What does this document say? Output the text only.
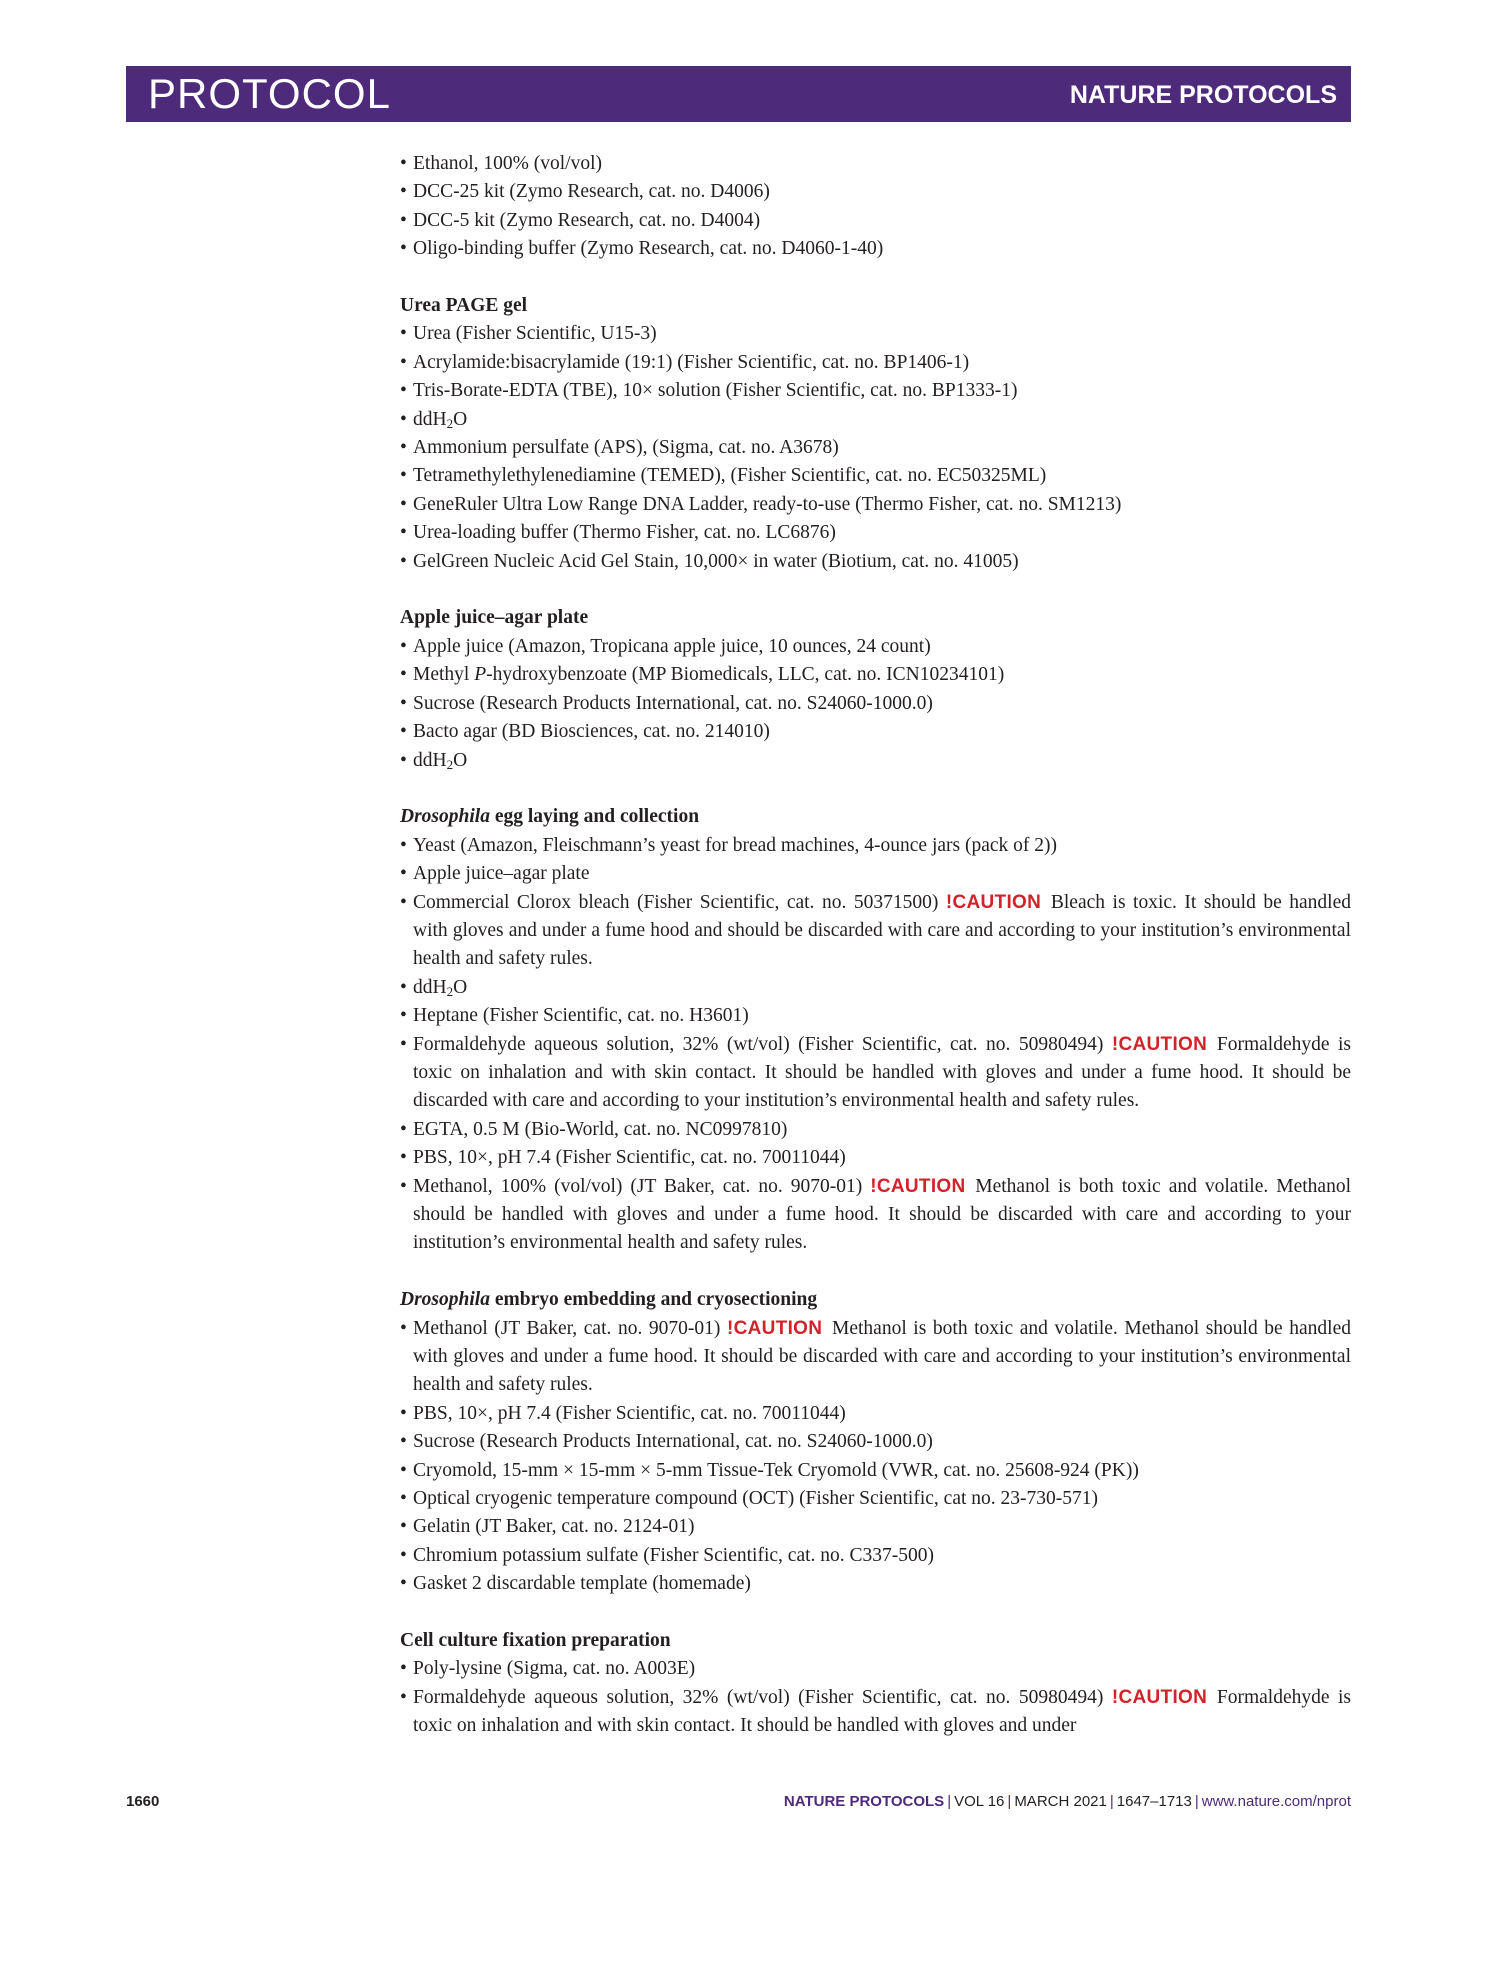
PROTOCOL	NATURE PROTOCOLS
• Ethanol, 100% (vol/vol)
• DCC-25 kit (Zymo Research, cat. no. D4006)
• DCC-5 kit (Zymo Research, cat. no. D4004)
• Oligo-binding buffer (Zymo Research, cat. no. D4060-1-40)
Urea PAGE gel
• Urea (Fisher Scientific, U15-3)
• Acrylamide:bisacrylamide (19:1) (Fisher Scientific, cat. no. BP1406-1)
• Tris-Borate-EDTA (TBE), 10× solution (Fisher Scientific, cat. no. BP1333-1)
• ddH$_2$O
• Ammonium persulfate (APS), (Sigma, cat. no. A3678)
• Tetramethylethylenediamine (TEMED), (Fisher Scientific, cat. no. EC50325ML)
• GeneRuler Ultra Low Range DNA Ladder, ready-to-use (Thermo Fisher, cat. no. SM1213)
• Urea-loading buffer (Thermo Fisher, cat. no. LC6876)
• GelGreen Nucleic Acid Gel Stain, 10,000× in water (Biotium, cat. no. 41005)
Apple juice–agar plate
• Apple juice (Amazon, Tropicana apple juice, 10 ounces, 24 count)
• Methyl P-hydroxybenzoate (MP Biomedicals, LLC, cat. no. ICN10234101)
• Sucrose (Research Products International, cat. no. S24060-1000.0)
• Bacto agar (BD Biosciences, cat. no. 214010)
• ddH$_2$O
Drosophila egg laying and collection
• Yeast (Amazon, Fleischmann’s yeast for bread machines, 4-ounce jars (pack of 2))
• Apple juice–agar plate
• Commercial Clorox bleach (Fisher Scientific, cat. no. 50371500) !CAUTION  Bleach is toxic. It should be handled with gloves and under a fume hood and should be discarded with care and according to your institution’s environmental health and safety rules.
• ddH$_2$O
• Heptane (Fisher Scientific, cat. no. H3601)
• Formaldehyde aqueous solution, 32% (wt/vol) (Fisher Scientific, cat. no. 50980494) !CAUTION  Formaldehyde is toxic on inhalation and with skin contact. It should be handled with gloves and under a fume hood. It should be discarded with care and according to your institution’s environmental health and safety rules.
• EGTA, 0.5 M (Bio-World, cat. no. NC0997810)
• PBS, 10×, pH 7.4 (Fisher Scientific, cat. no. 70011044)
• Methanol, 100% (vol/vol) (JT Baker, cat. no. 9070-01) !CAUTION  Methanol is both toxic and volatile. Methanol should be handled with gloves and under a fume hood. It should be discarded with care and according to your institution’s environmental health and safety rules.
Drosophila embryo embedding and cryosectioning
• Methanol (JT Baker, cat. no. 9070-01) !CAUTION  Methanol is both toxic and volatile. Methanol should be handled with gloves and under a fume hood. It should be discarded with care and according to your institution’s environmental health and safety rules.
• PBS, 10×, pH 7.4 (Fisher Scientific, cat. no. 70011044)
• Sucrose (Research Products International, cat. no. S24060-1000.0)
• Cryomold, 15-mm × 15-mm × 5-mm Tissue-Tek Cryomold (VWR, cat. no. 25608-924 (PK))
• Optical cryogenic temperature compound (OCT) (Fisher Scientific, cat no. 23-730-571)
• Gelatin (JT Baker, cat. no. 2124-01)
• Chromium potassium sulfate (Fisher Scientific, cat. no. C337-500)
• Gasket 2 discardable template (homemade)
Cell culture fixation preparation
• Poly-lysine (Sigma, cat. no. A003E)
• Formaldehyde aqueous solution, 32% (wt/vol) (Fisher Scientific, cat. no. 50980494) !CAUTION  Formaldehyde is toxic on inhalation and with skin contact. It should be handled with gloves and under
1660	NATURE PROTOCOLS | VOL 16 | MARCH 2021 | 1647–1713 | www.nature.com/nprot
